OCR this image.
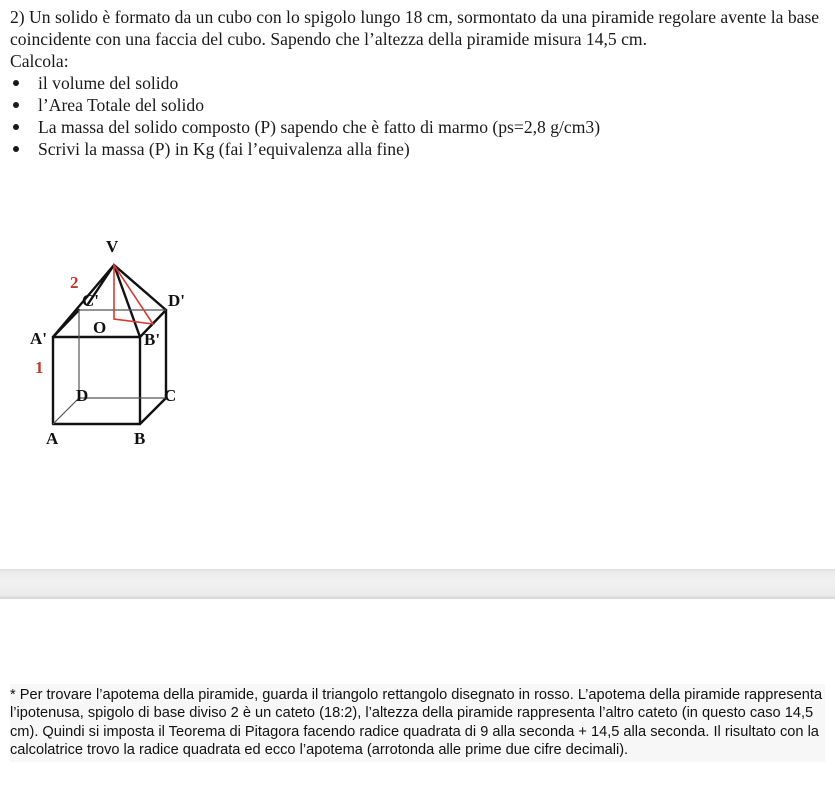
2) Un solido è formato da un cubo con lo spigolo lungo 18 cm, sormontato da una piramide regolare avente la base coincidente con una faccia del cubo. Sapendo che l’altezza della piramide misura 14,5 cm.

Calcola:

il volume del solido
l’Area Totale del solido
La massa del solido composto (P) sapendo che è fatto di marmo (ps=2,8 g/cm3)
Scrivi la massa (P) in Kg (fai l’equivalenza alla fine)
V
2
C'	D'
O
A'	B'
1
D	C
A	B
* Per trovare l’apotema della piramide, guarda il triangolo rettangolo disegnato in rosso. L’apotema della piramide rappresenta l’ipotenusa, spigolo di base diviso 2 è un cateto (18:2), l’altezza della piramide rappresenta l’altro cateto (in questo caso 14,5 cm). Quindi si imposta il Teorema di Pitagora facendo radice quadrata di 9 alla seconda + 14,5 alla seconda. Il risultato con la calcolatrice trovo la radice quadrata ed ecco l’apotema (arrotonda alle prime due cifre decimali).
